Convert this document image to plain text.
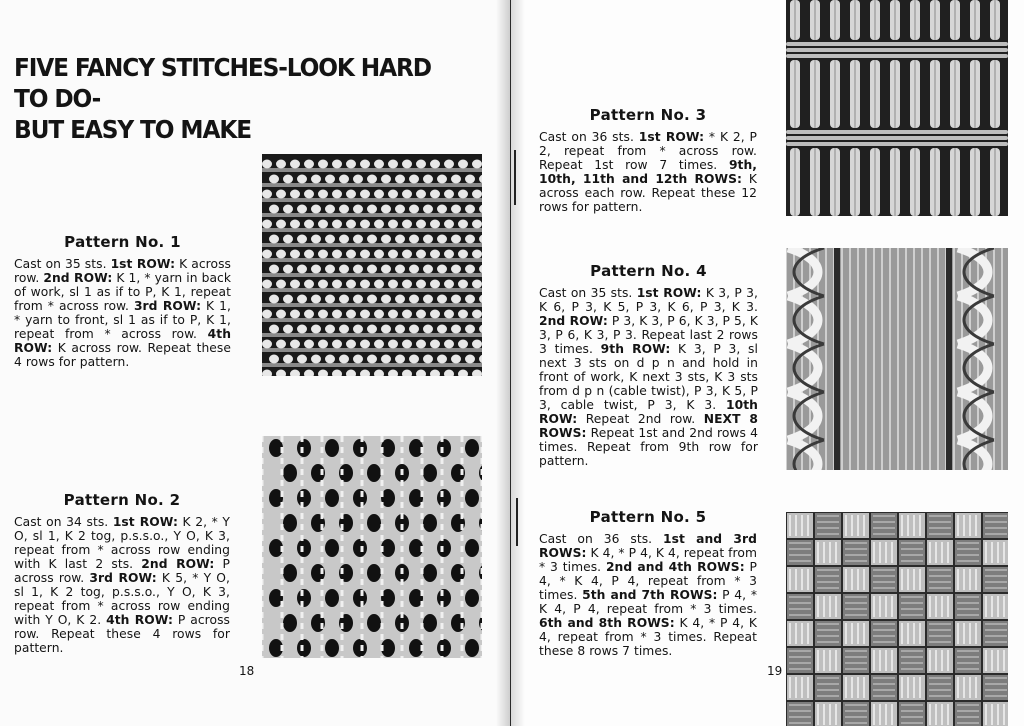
FIVE FANCY STITCHES-LOOK HARD TO DO-
BUT EASY TO MAKE
Pattern No. 1

Cast on 35 sts. 1st ROW: K across row. 2nd ROW: K 1, * yarn in back of work, sl 1 as if to P, K 1, repeat from * across row. 3rd ROW: K 1, * yarn to front, sl 1 as if to P, K 1, repeat from * across row. 4th ROW: K across row. Repeat these 4 rows for pattern.

Pattern No. 2

Cast on 34 sts. 1st ROW: K 2, * Y O, sl 1, K 2 tog, p.s.s.o., Y O, K 3, repeat from * across row ending with K last 2 sts. 2nd ROW: P across row. 3rd ROW: K 5, * Y O, sl 1, K 2 tog, p.s.s.o., Y O, K 3, repeat from * across row ending with Y O, K 2. 4th ROW: P across row. Repeat these 4 rows for pattern.

18
Pattern No. 3

Cast on 36 sts. 1st ROW: * K 2, P 2, repeat from * across row. Repeat 1st row 7 times. 9th, 10th, 11th and 12th ROWS: K across each row. Repeat these 12 rows for pattern.

Pattern No. 4

Cast on 35 sts. 1st ROW: K 3, P 3, K 6, P 3, K 5, P 3, K 6, P 3, K 3. 2nd ROW: P 3, K 3, P 6, K 3, P 5, K 3, P 6, K 3, P 3. Repeat last 2 rows 3 times. 9th ROW: K 3, P 3, sl next 3 sts on d p n and hold in front of work, K next 3 sts, K 3 sts from d p n (cable twist), P 3, K 5, P 3, cable twist, P 3, K 3. 10th ROW: Repeat 2nd row. NEXT 8 ROWS: Repeat 1st and 2nd rows 4 times. Repeat from 9th row for pattern.

Pattern No. 5

Cast on 36 sts. 1st and 3rd ROWS: K 4, * P 4, K 4, repeat from * 3 times. 2nd and 4th ROWS: P 4, * K 4, P 4, repeat from * 3 times. 5th and 7th ROWS: P 4, * K 4, P 4, repeat from * 3 times. 6th and 8th ROWS: K 4, * P 4, K 4, repeat from * 3 times. Repeat these 8 rows 7 times.

19
